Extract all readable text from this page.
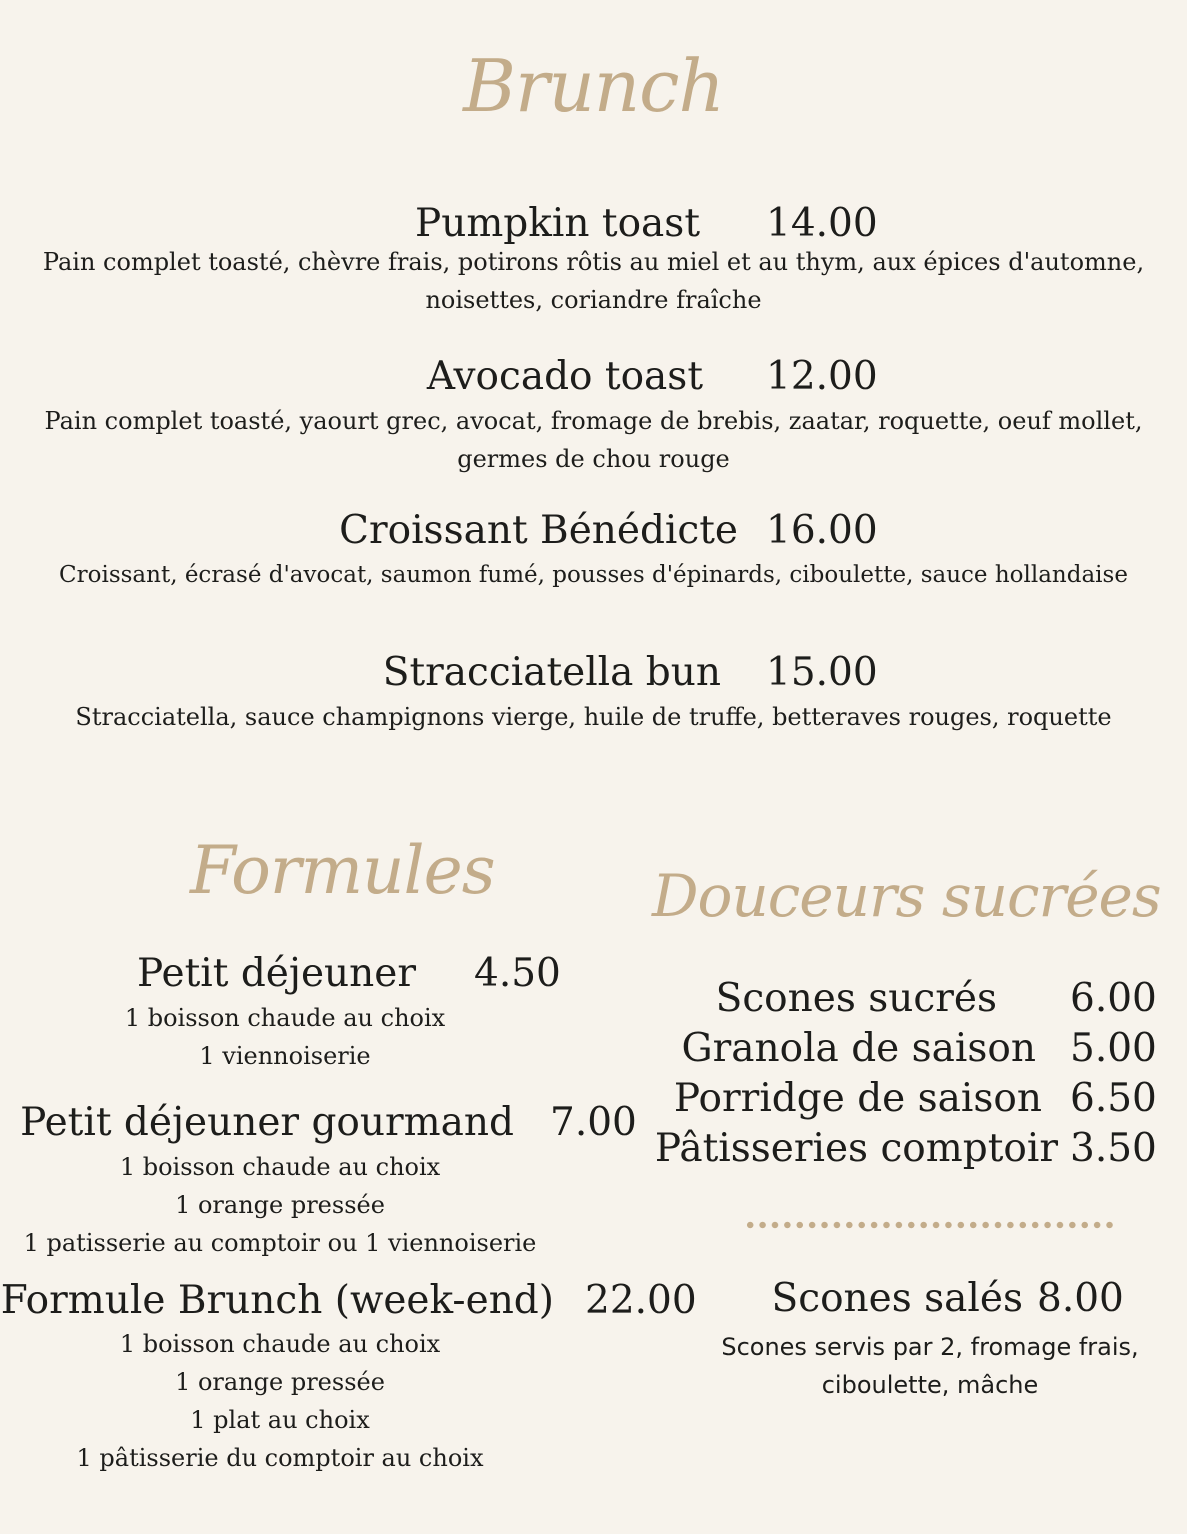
Brunch
Formules	Douceurs sucrées
Pumpkin toast 14.00
Pain complet toasté, chèvre frais, potirons rôtis au miel et au thym, aux épices d'automne,
noisettes, coriandre fraîche
Avocado toast 12.00
Pain complet toasté, yaourt grec, avocat, fromage de brebis, zaatar, roquette, oeuf mollet,
germes de chou rouge
Croissant Bénédicte 16.00
Croissant, écrasé d'avocat, saumon fumé, pousses d'épinards, ciboulette, sauce hollandaise
Stracciatella bun 15.00
Stracciatella, sauce champignons vierge, huile de truffe, betteraves rouges, roquette
Petit déjeuner 4.50
1 boisson chaude au choix
1 viennoiserie
Petit déjeuner gourmand 7.00
1 boisson chaude au choix
1 orange pressée
1 patisserie au comptoir ou 1 viennoiserie
Formule Brunch (week-end) 22.00
1 boisson chaude au choix
1 orange pressée
1 plat au choix
1 pâtisserie du comptoir au choix
Scones sucrés 6.00
Granola de saison 5.00
Porridge de saison 6.50
Pâtisseries comptoir 3.50
Scones salés 8.00
Scones servis par 2, fromage frais,
ciboulette, mâche
